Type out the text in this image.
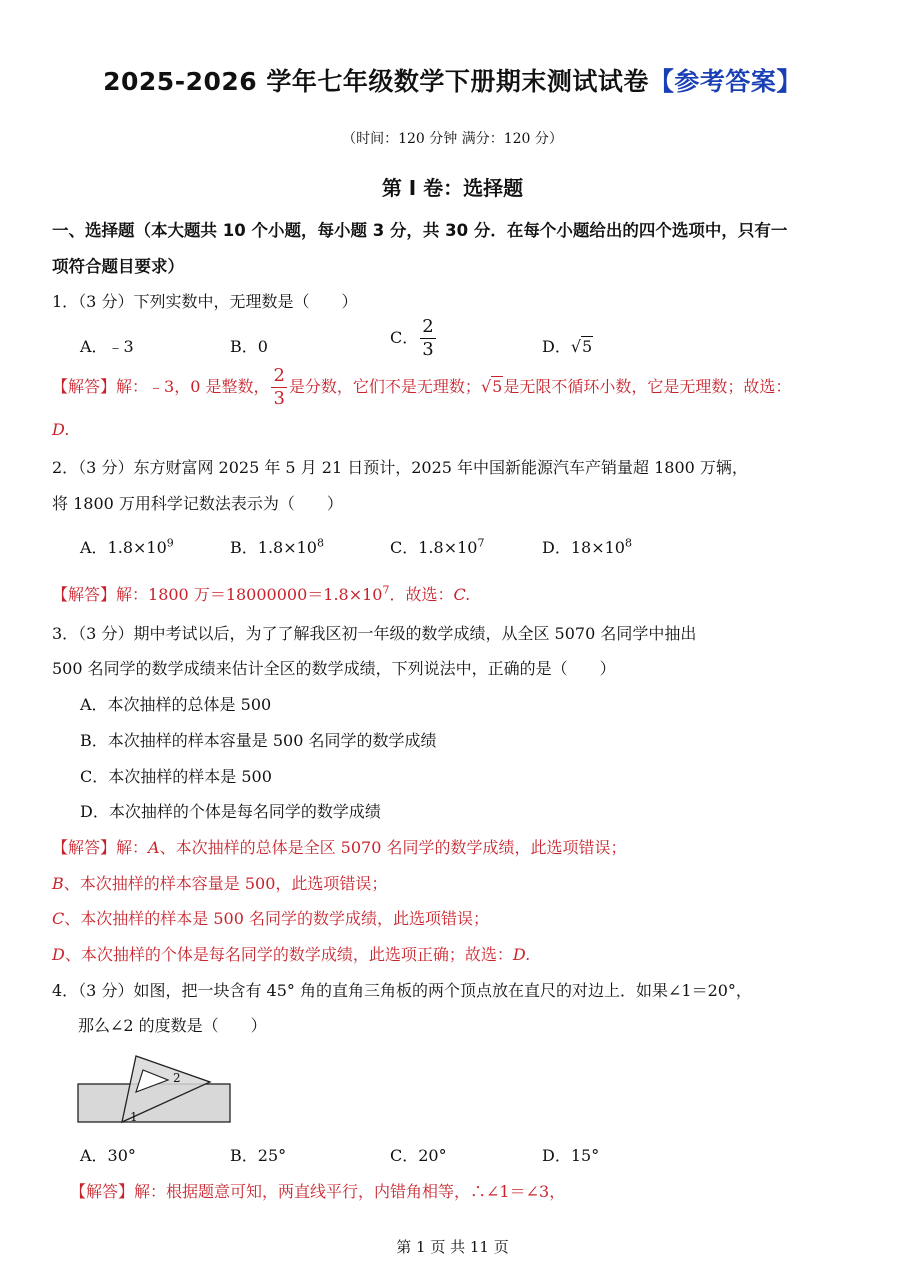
2025-2026 学年七年级数学下册期末测试试卷【参考答案】
（时间：120 分钟 满分：120 分）
第 I 卷：选择题
一、选择题（本大题共 10 个小题，每小题 3 分，共 30 分．在每个小题给出的四个选项中，只有一
项符合题目要求）
1．（3 分）下列实数中，无理数是（　　）
A．﹣3	B．0	C． $\frac{2}{3}$	D．√5
【解答】解：﹣3，0 是整数， $\frac{2}{3}$ 是分数，它们不是无理数；√5是无限不循环小数，它是无理数；故选：
D.
2．（3 分）东方财富网 2025 年 5 月 21 日预计，2025 年中国新能源汽车产销量超 1800 万辆，
将 1800 万用科学记数法表示为（　　）
A．$1.8\times 10^9$	B．$1.8\times 10^8$	C．$1.8\times 10^7$	D．$18\times 10^8$
【解答】解：1800 万$=18000000=1.8\times 10^7$．故选：C.
3．（3 分）期中考试以后，为了了解我区初一年级的数学成绩，从全区 5070 名同学中抽出
500 名同学的数学成绩来估计全区的数学成绩，下列说法中，正确的是（　　）
A．本次抽样的总体是 500
B．本次抽样的样本容量是 500 名同学的数学成绩
C．本次抽样的样本是 500
D．本次抽样的个体是每名同学的数学成绩
【解答】解：A、本次抽样的总体是全区 5070 名同学的数学成绩，此选项错误；
B、本次抽样的样本容量是 500，此选项错误；
C、本次抽样的样本是 500 名同学的数学成绩，此选项错误；
D、本次抽样的个体是每名同学的数学成绩，此选项正确；故选：D.
4．（3 分）如图，把一块含有 45° 角的直角三角板的两个顶点放在直尺的对边上．如果∠1＝20°，
那么∠2 的度数是（　　）
2
1
A．30°	B．25°	C．20°	D．15°
【解答】解：根据题意可知，两直线平行，内错角相等，∴∠1＝∠3，
第 1 页 共 11 页
